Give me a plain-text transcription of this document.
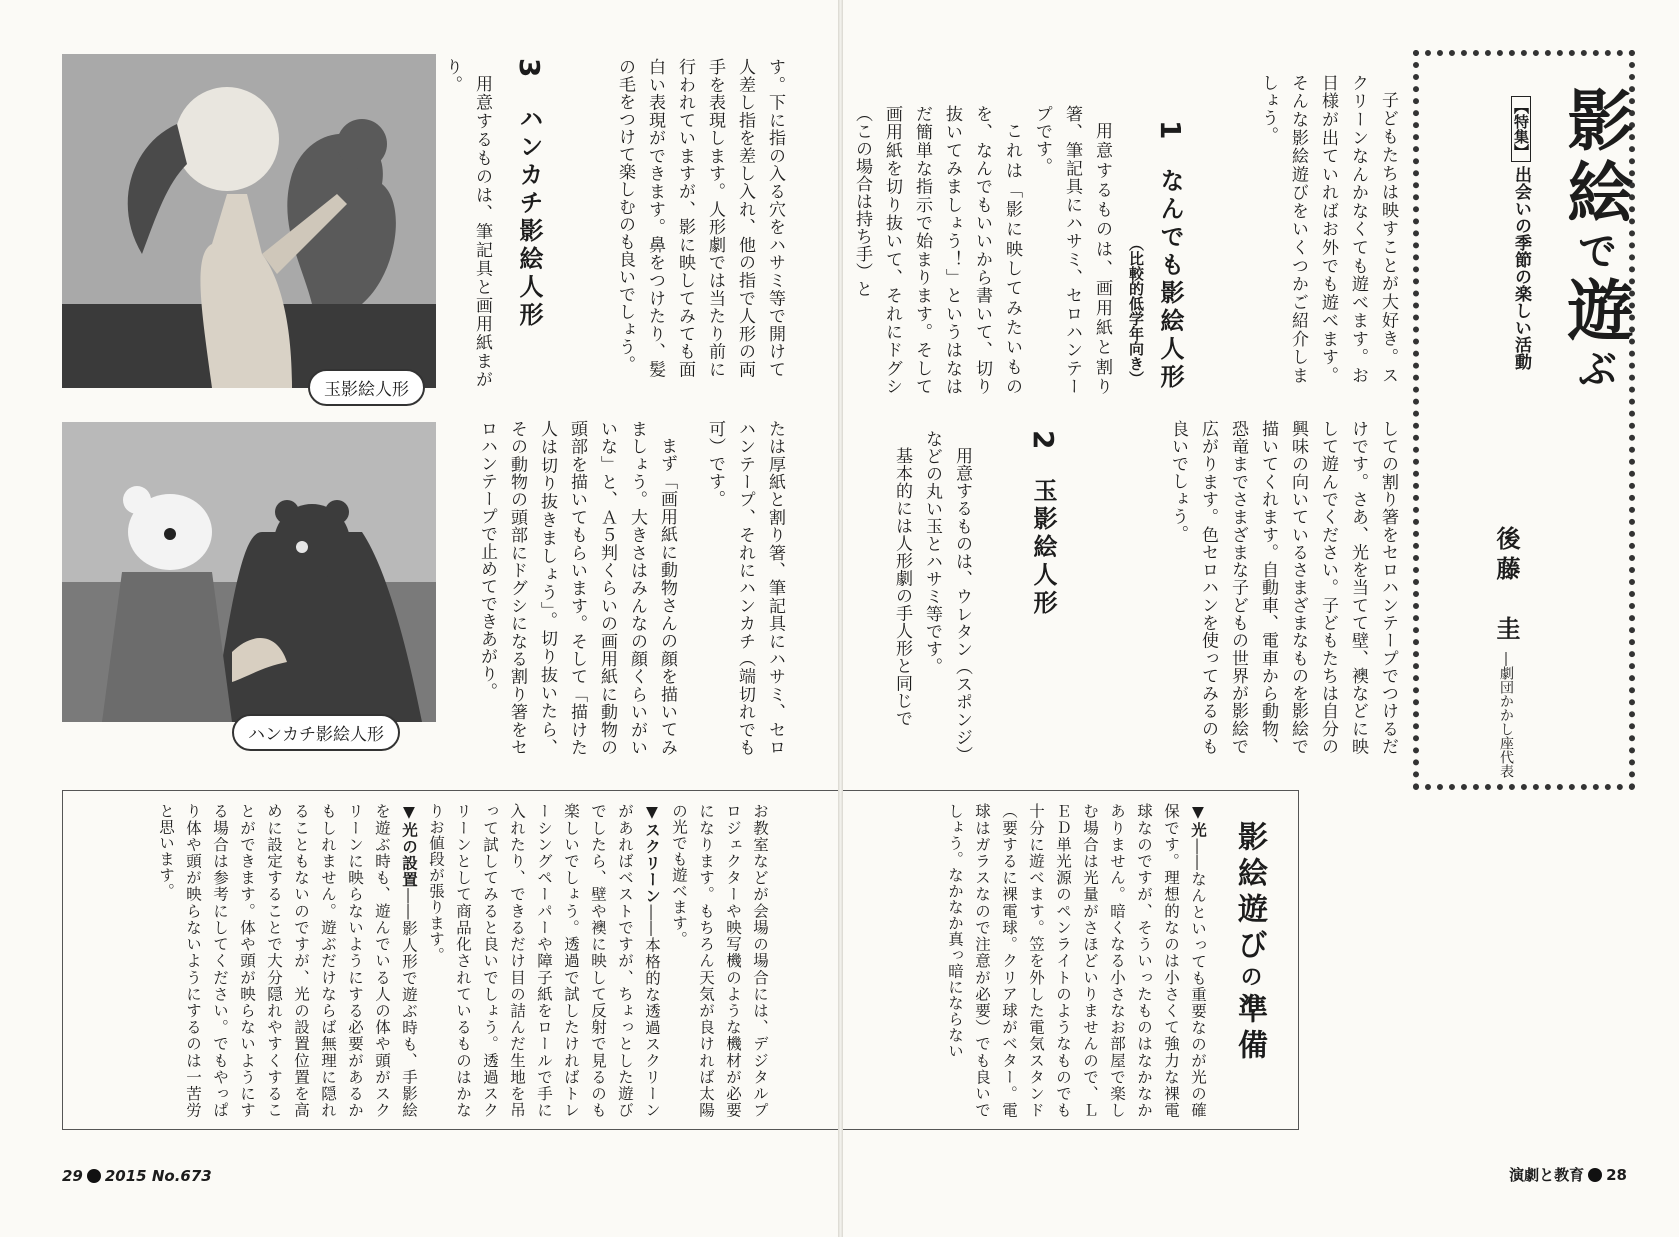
玉影絵人形
ハンカチ影絵人形
す。下に指の入る穴をハサミ等で開けて人差し指を差し入れ、他の指で人形の両手を表現します。人形劇では当たり前に行われていますが、影に映してみても面白い表現ができます。鼻をつけたり、髪の毛をつけて楽しむのも良いでしょう。
3 ハンカチ影絵人形
用意するものは、筆記具と画用紙まがり。
たは厚紙と割り箸、筆記具にハサミ、セロハンテープ、それにハンカチ（端切れでも可）です。
まず「画用紙に動物さんの顔を描いてみましょう。大きさはみんなの顔くらいがいいな」と、Ａ５判くらいの画用紙に動物の頭部を描いてもらいます。そして「描けた人は切り抜きましょう」。切り抜いたら、その動物の頭部にドグシになる割り箸をセロハンテープで止めてできあがり。
お教室などが会場の場合には、デジタルプロジェクターや映写機のような機材が必要になります。もちろん天気が良ければ太陽の光でも遊べます。
▼スクリーン――本格的な透過スクリーンがあればベストですが、ちょっとした遊びでしたら、壁や襖に映して反射で見るのも楽しいでしょう。透過で試したければトレーシングペーパーや障子紙をロールで手に入れたり、できるだけ目の詰んだ生地を吊って試してみると良いでしょう。透過スクリーンとして商品化されているものはかなりお値段が張ります。
▼光の設置――影人形で遊ぶ時も、手影絵を遊ぶ時も、遊んでいる人の体や頭がスクリーンに映らないようにする必要があるかもしれません。遊ぶだけならば無理に隠れることもないのですが、光の設置位置を高めに設定することで大分隠れやすくすることができます。体や頭が映らないようにする場合は参考にしてください。でもやっぱり体や頭が映らないようにするのは一苦労と思います。
29 2015 No.673
影絵で遊ぶ
【特集】出会いの季節の楽しい活動
後藤　圭―劇団かかし座代表
子どもたちは映すことが大好き。スクリーンなんかなくても遊べます。お日様が出ていればお外でも遊べます。そんな影絵遊びをいくつかご紹介しましょう。
1 なんでも影絵人形
（比較的低学年向き）
用意するものは、画用紙と割り箸、筆記具にハサミ、セロハンテープです。
これは「影に映してみたいものを、なんでもいいから書いて、切り抜いてみましょう！」というはなはだ簡単な指示で始まります。そして画用紙を切り抜いて、それにドグシ（この場合は持ち手）と
しての割り箸をセロハンテープでつけるだけです。さあ、光を当てて壁、襖などに映して遊んでください。子どもたちは自分の興味の向いているさまざまなものを影絵で描いてくれます。自動車、電車から動物、恐竜までさまざまな子どもの世界が影絵で広がります。色セロハンを使ってみるのも良いでしょう。
2 玉影絵人形
用意するものは、ウレタン（スポンジ）などの丸い玉とハサミ等です。
基本的には人形劇の手人形と同じで
影絵遊びの準備
▼光――なんといっても重要なのが光の確保です。理想的なのは小さくて強力な裸電球なのですが、そういったものはなかなかありません。暗くなる小さなお部屋で楽しむ場合は光量がさほどいりませんので、ＬＥＤ単光源のペンライトのようなものでも十分に遊べます。笠を外した電気スタンド（要するに裸電球。クリア球がベター。電球はガラスなので注意が必要）でも良いでしょう。なかなか真っ暗にならない
演劇と教育 28
